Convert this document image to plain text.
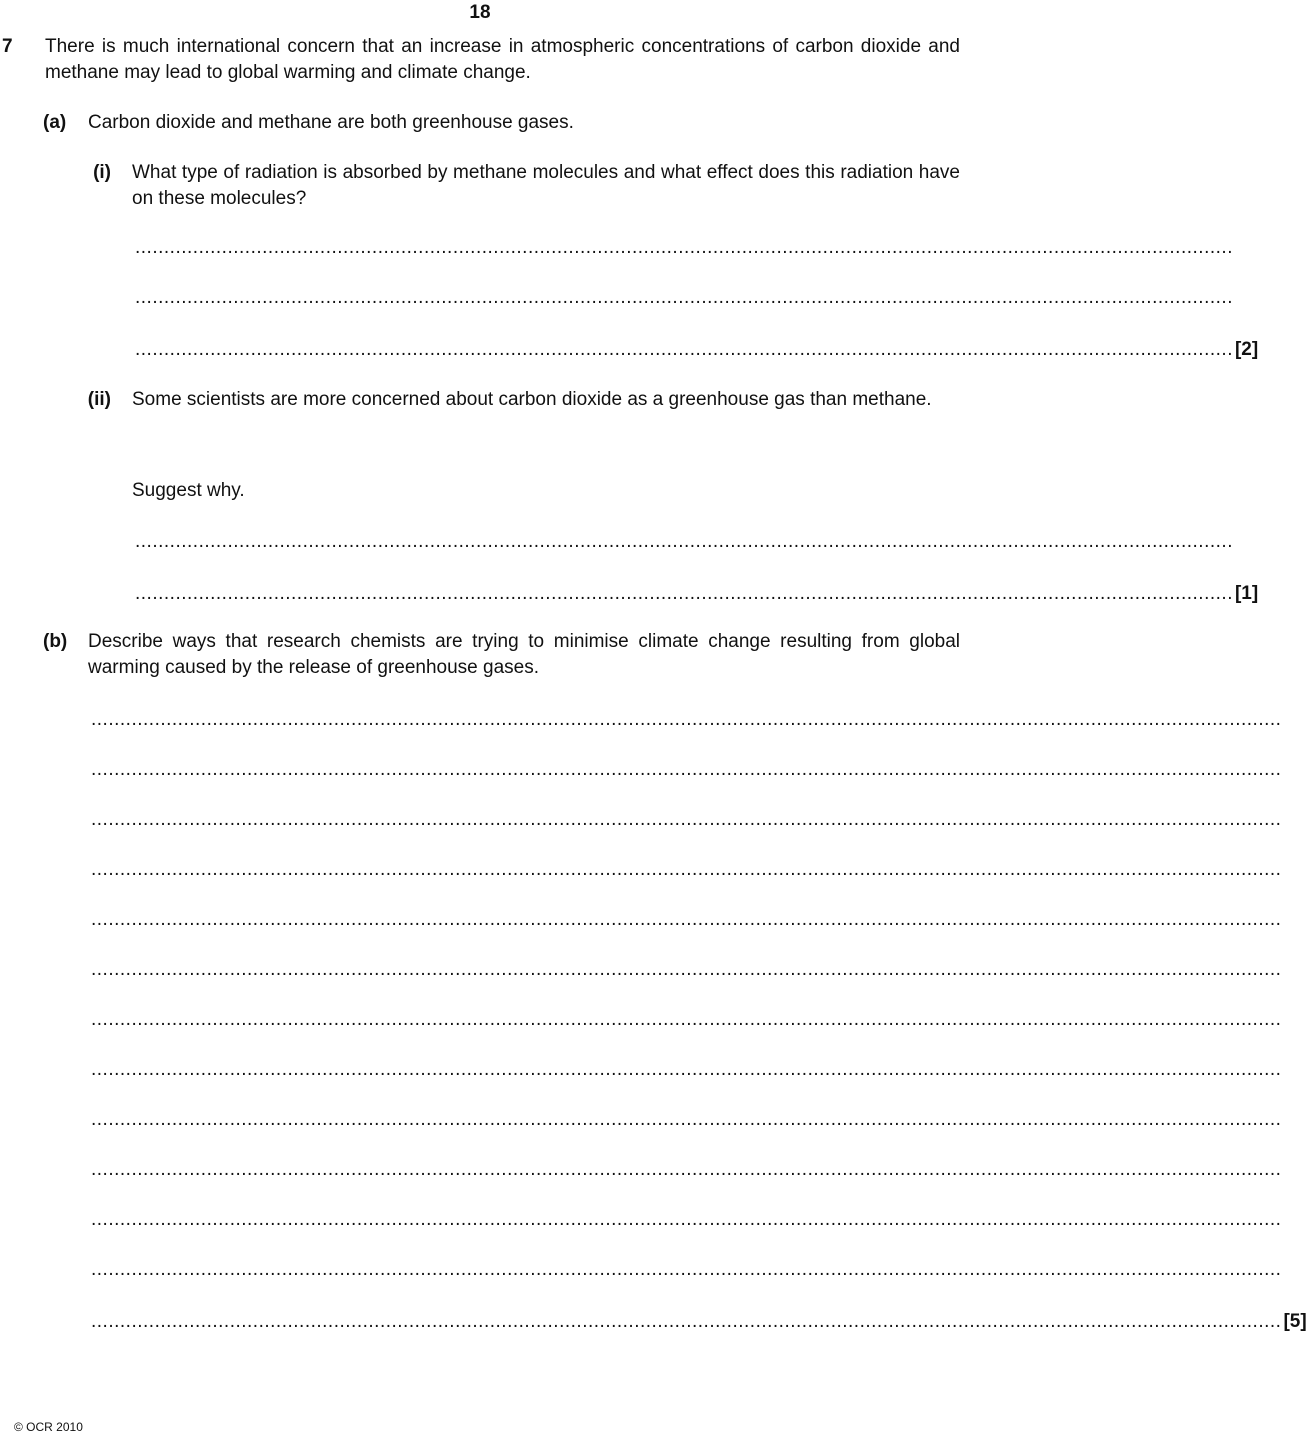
18
7 There is much international concern that an increase in atmospheric concentrations of carbon dioxide and methane may lead to global warming and climate change.
(a) Carbon dioxide and methane are both greenhouse gases.
(i) What type of radiation is absorbed by methane molecules and what effect does this radiation have on these molecules?
..............................................................................................................................................................................................
..............................................................................................................................................................................................
.............................................................................................................................................................................................. [2]
(ii) Some scientists are more concerned about carbon dioxide as a greenhouse gas than methane.
Suggest why.
..............................................................................................................................................................................................
.............................................................................................................................................................................................. [1]
(b) Describe ways that research chemists are trying to minimise climate change resulting from global warming caused by the release of greenhouse gases.
..............................................................................................................................................................................................................
..............................................................................................................................................................................................................
..............................................................................................................................................................................................................
..............................................................................................................................................................................................................
..............................................................................................................................................................................................................
..............................................................................................................................................................................................................
..............................................................................................................................................................................................................
..............................................................................................................................................................................................................
..............................................................................................................................................................................................................
..............................................................................................................................................................................................................
..............................................................................................................................................................................................................
..............................................................................................................................................................................................................
.............................................................................................................................................................................................................. [5]
© OCR 2010
